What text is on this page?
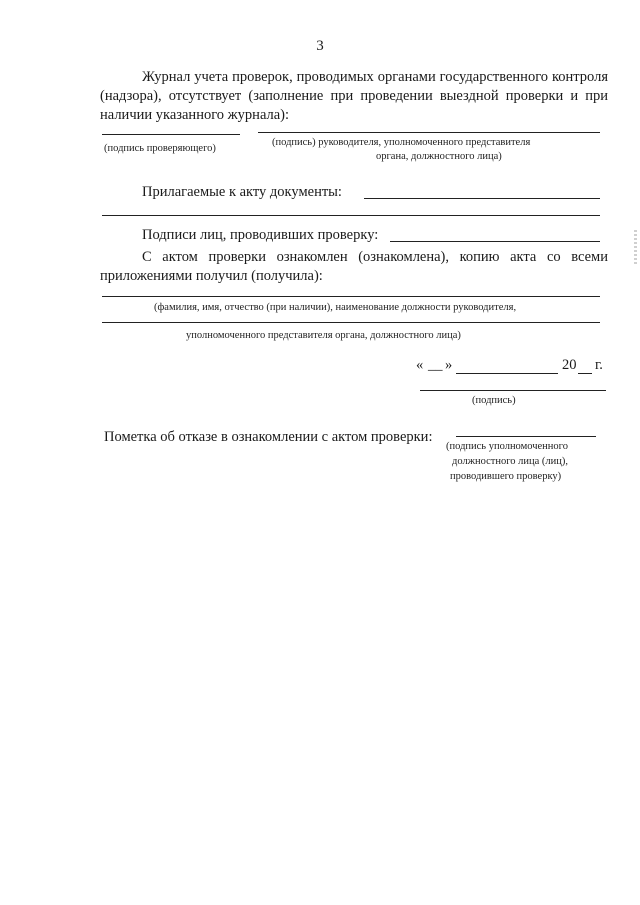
3
Журнал учета проверок, проводимых органами государственного контроля (надзора), отсутствует (заполнение при проведении выездной проверки и при наличии указанного журнала):
(подпись проверяющего)
(подпись) руководителя, уполномоченного представителя
органа, должностного лица)
Прилагаемые к акту документы:
Подписи лиц, проводивших проверку:
С актом проверки ознакомлен (ознакомлена), копию акта со всеми приложениями получил (получила):
(фамилия, имя, отчество (при наличии), наименование должности руководителя,
уполномоченного представителя органа, должностного лица)
« __ »	20 г.
(подпись)
Пометка об отказе в ознакомлении с актом проверки:
(подпись уполномоченного
должностного лица (лиц),
проводившего проверку)
